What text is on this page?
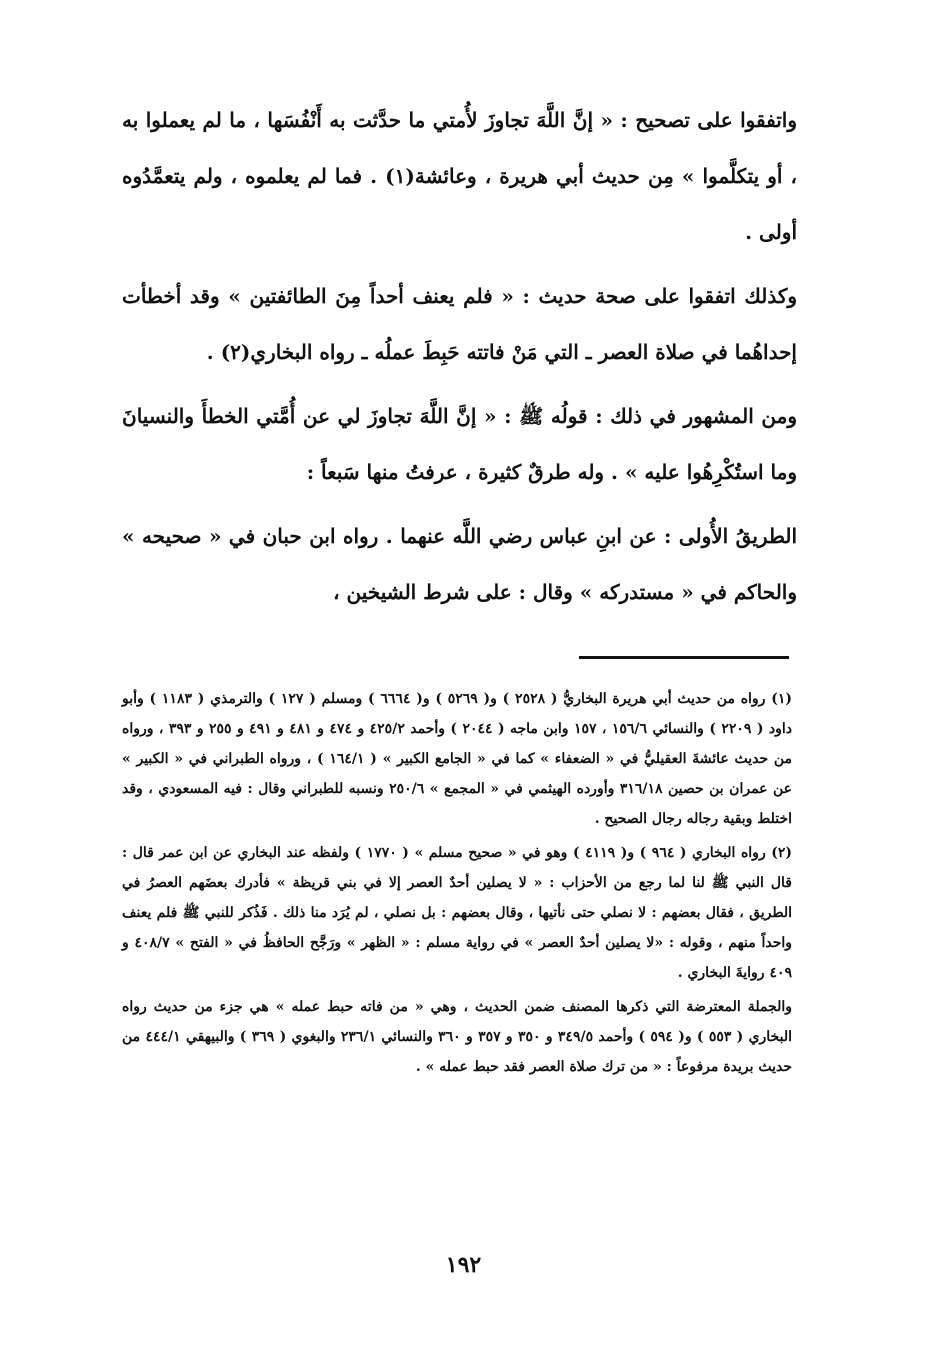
واتفقوا على تصحيح : « إنَّ اللَّهَ تجاوزَ لأُمتي ما حدَّثت به أَنْفُسَها ، ما لم يعملوا به ، أو يتكلَّموا » مِن حديث أبي هريرة ، وعائشة(١) . فما لم يعلموه ، ولم يتعمَّدُوه أولى .

وكذلك اتفقوا على صحة حديث : « فلم يعنف أحداً مِنَ الطائفتين » وقد أخطأت إحداهُما في صلاة العصر ـ التي مَنْ فاتته حَبِطَ عملُه ـ رواه البخاري(٢) .

ومن المشهور في ذلك : قولُه ﷺ : « إنَّ اللَّهَ تجاوزَ لي عن أُمَّتي الخطأَ والنسيانَ وما استُكْرِهُوا عليه » . وله طرقٌ كثيرة ، عرفتُ منها سَبعاً :

الطريقُ الأُولى : عن ابنِ عباس رضي اللَّه عنهما . رواه ابن حبان في « صحيحه » والحاكم في « مستدركه » وقال : على شرط الشيخين ،

(١) رواه من حديث أبي هريرة البخاريُّ ( ٢٥٢٨ ) و( ٥٢٦٩ ) و( ٦٦٦٤ ) ومسلم ( ١٢٧ ) والترمذي ( ١١٨٣ ) وأبو داود ( ٢٢٠٩ ) والنسائي ١٥٦/٦ ، ١٥٧ وابن ماجه ( ٢٠٤٤ ) وأحمد ٤٢٥/٢ و ٤٧٤ و ٤٨١ و ٤٩١ و ٢٥٥ و ٣٩٣ ، ورواه من حديث عائشةَ العقيليُّ في « الضعفاء » كما في « الجامع الكبير » ( ١٦٤/١ ) ، ورواه الطبراني في « الكبير » عن عمران بن حصين ٣١٦/١٨ وأورده الهيثمي في « المجمع » ٢٥٠/٦ ونسبه للطبراني وقال : فيه المسعودي ، وقد اختلط وبقية رجاله رجال الصحيح .

(٢) رواه البخاري ( ٩٦٤ ) و( ٤١١٩ ) وهو في « صحيح مسلم » ( ١٧٧٠ ) ولفظه عند البخاري عن ابن عمر قال : قال النبي ﷺ لنا لما رجع من الأحزاب : « لا يصلين أحدٌ العصر إلا في بني قريظة » فأدرك بعضَهم العصرُ في الطريق ، فقال بعضهم : لا نصلي حتى نأتيها ، وقال بعضهم : بل نصلي ، لم يُرَد منا ذلك . فَذُكر للنبي ﷺ فلم يعنف واحداً منهم ، وقوله : «لا يصلين أحدٌ العصر » في رواية مسلم : « الظهر » ورَجَّح الحافظُ في « الفتح » ٤٠٨/٧ و ٤٠٩ روايةَ البخاري .

والجملة المعترضة التي ذكرها المصنف ضمن الحديث ، وهي « من فاته حبط عمله » هي جزء من حديث رواه البخاري ( ٥٥٣ ) و( ٥٩٤ ) وأحمد ٣٤٩/٥ و ٣٥٠ و ٣٥٧ و ٣٦٠ والنسائي ٢٣٦/١ والبغوي ( ٣٦٩ ) والبيهقي ٤٤٤/١ من حديث بريدة مرفوعاً : « من ترك صلاة العصر فقد حبط عمله » .

١٩٢
